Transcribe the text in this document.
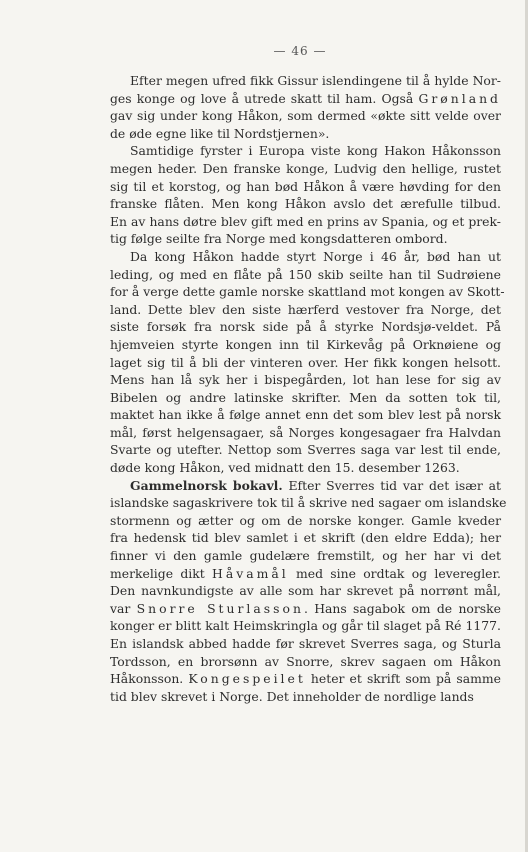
— 46 —
Efter megen ufred fikk Gissur islendingene til å hylde Nor-
ges konge og love å utrede skatt til ham. Også Grønland
gav sig under kong Håkon, som dermed «økte sitt velde over
de øde egne like til Nordstjernen».
Samtidige fyrster i Europa viste kong Hakon Håkonsson
megen heder. Den franske konge, Ludvig den hellige, rustet
sig til et korstog, og han bød Håkon å være høvding for den
franske flåten. Men kong Håkon avslo det ærefulle tilbud.
En av hans døtre blev gift med en prins av Spania, og et prek-
tig følge seilte fra Norge med kongsdatteren ombord.
Da kong Håkon hadde styrt Norge i 46 år, bød han ut
leding, og med en flåte på 150 skib seilte han til Sudrøiene
for å verge dette gamle norske skattland mot kongen av Skott-
land. Dette blev den siste hærferd vestover fra Norge, det
siste forsøk fra norsk side på å styrke Nordsjø-veldet. På
hjemveien styrte kongen inn til Kirkevåg på Orknøiene og
laget sig til å bli der vinteren over. Her fikk kongen helsott.
Mens han lå syk her i bispegården, lot han lese for sig av
Bibelen og andre latinske skrifter. Men da sotten tok til,
maktet han ikke å følge annet enn det som blev lest på norsk
mål, først helgensagaer, så Norges kongesagaer fra Halvdan
Svarte og utefter. Nettop som Sverres saga var lest til ende,
døde kong Håkon, ved midnatt den 15. desember 1263.
Gammelnorsk bokavl. Efter Sverres tid var det især at
islandske sagaskrivere tok til å skrive ned sagaer om islandske
stormenn og ætter og om de norske konger. Gamle kveder
fra hedensk tid blev samlet i et skrift (den eldre Edda); her
finner vi den gamle gudelære fremstilt, og her har vi det
merkelige dikt Håvamål med sine ordtak og leveregler.
Den navnkundigste av alle som har skrevet på norrønt mål,
var Snorre Sturlasson. Hans sagabok om de norske
konger er blitt kalt Heimskringla og går til slaget på Ré 1177.
En islandsk abbed hadde før skrevet Sverres saga, og Sturla
Tordsson, en brorsønn av Snorre, skrev sagaen om Håkon
Håkonsson. Kongespeilet heter et skrift som på samme
tid blev skrevet i Norge. Det inneholder de nordlige lands
